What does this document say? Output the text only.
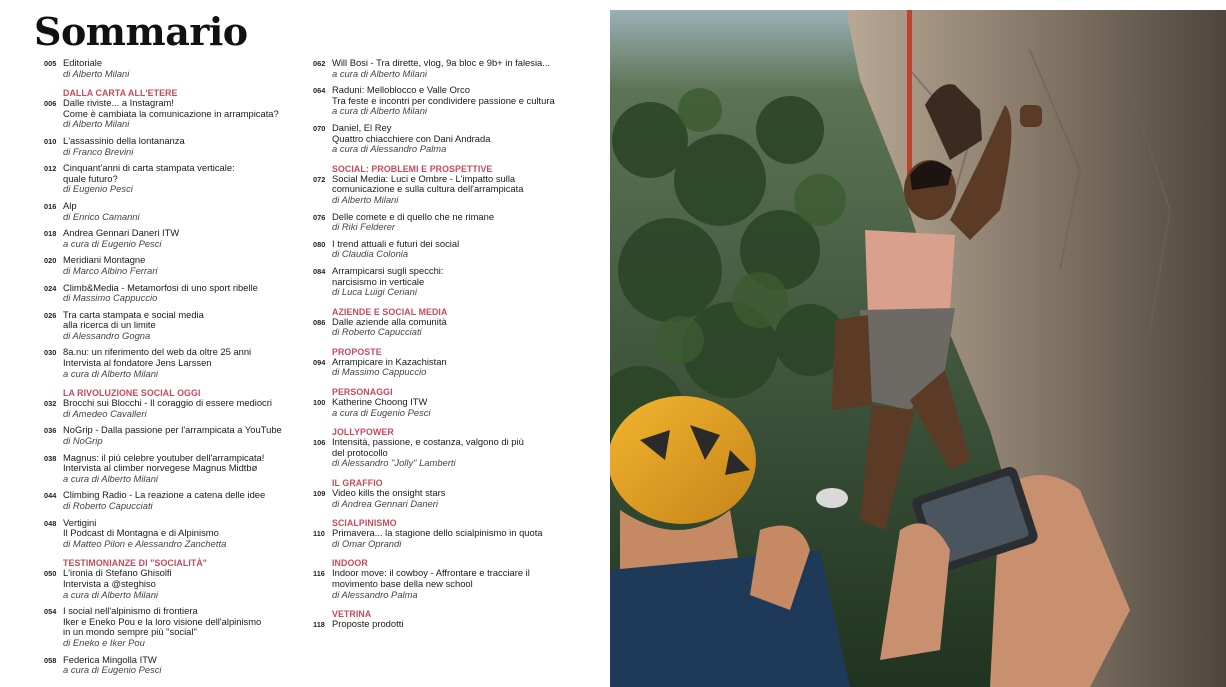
Sommario
005 Editoriale
di Alberto Milani
DALLA CARTA ALL'ETERE
006 Dalle riviste... a Instagram!
Come è cambiata la comunicazione in arrampicata?
di Alberto Milani
010 L'assassinio della lontananza
di Franco Brevini
012 Cinquant'anni di carta stampata verticale:
quale futuro?
di Eugenio Pesci
016 Alp
di Enrico Camanni
018 Andrea Gennari Daneri ITW
a cura di Eugenio Pesci
020 Meridiani Montagne
di Marco Albino Ferrari
024 Climb&Media - Metamorfosi di uno sport ribelle
di Massimo Cappuccio
026 Tra carta stampata e social media
alla ricerca di un limite
di Alessandro Gogna
030 8a.nu: un riferimento del web da oltre 25 anni
Intervista al fondatore Jens Larssen
a cura di Alberto Milani
LA RIVOLUZIONE SOCIAL OGGI
032 Brocchi sui Blocchi - Il coraggio di essere mediocri
di Amedeo Cavalleri
036 NoGrip - Dalla passione per l'arrampicata a YouTube
di NoGrip
038 Magnus: il più celebre youtuber dell'arrampicata!
Intervista al climber norvegese Magnus Midtbø
a cura di Alberto Milani
044 Climbing Radio - La reazione a catena delle idee
di Roberto Capucciati
048 Vertigini
Il Podcast di Montagna e di Alpinismo
di Matteo Pilon e Alessandro Zanchetta
TESTIMONIANZE DI "SOCIALITÀ"
050 L'ironia di Stefano Ghisolfi
Intervista a @steghiso
a cura di Alberto Milani
054 I social nell'alpinismo di frontiera
Iker e Eneko Pou e la loro visione dell'alpinismo
in un mondo sempre più "social"
di Eneko e Iker Pou
058 Federica Mingolla ITW
a cura di Eugenio Pesci
062 Will Bosi - Tra dirette, vlog, 9a bloc e 9b+ in falesia...
a cura di Alberto Milani
064 Raduni: Melloblocco e Valle Orco
Tra feste e incontri per condividere passione e cultura
a cura di Alberto Milani
070 Daniel, El Rey
Quattro chiacchiere con Dani Andrada
a cura di Alessandro Palma
SOCIAL: PROBLEMI E PROSPETTIVE
072 Social Media: Luci e Ombre - L'impatto sulla
comunicazione e sulla cultura dell'arrampicata
di Alberto Milani
076 Delle comete e di quello che ne rimane
di Riki Felderer
080 I trend attuali e futuri dei social
di Claudia Colonia
084 Arrampicarsi sugli specchi:
narcisismo in verticale
di Luca Luigi Ceriani
AZIENDE E SOCIAL MEDIA
086 Dalle aziende alla comunità
di Roberto Capucciati
PROPOSTE
094 Arrampicare in Kazachistan
di Massimo Cappuccio
PERSONAGGI
100 Katherine Choong ITW
a cura di Eugenio Pesci
JOLLYPOWER
106 Intensità, passione, e costanza, valgono di più
del protocollo
di Alessandro "Jolly" Lamberti
IL GRAFFIO
109 Video kills the onsight stars
di Andrea Gennari Daneri
SCIALPINISMO
110 Primavera... la stagione dello scialpinismo in quota
di Omar Oprandi
INDOOR
116 Indoor move: il cowboy - Affrontare e tracciare il
movimento base della new school
di Alessandro Palma
VETRINA
118 Proposte prodotti
